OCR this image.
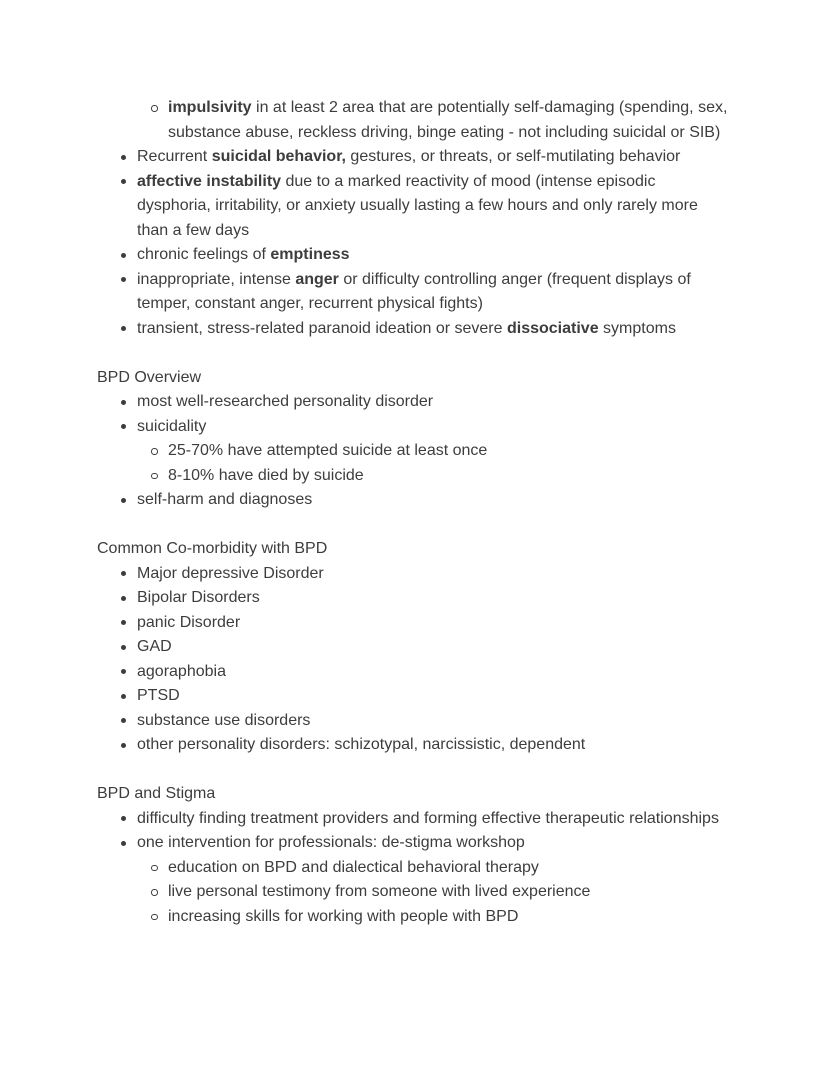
impulsivity in at least 2 area that are potentially self-damaging (spending, sex, substance abuse, reckless driving, binge eating - not including suicidal or SIB)
Recurrent suicidal behavior, gestures, or threats, or self-mutilating behavior
affective instability due to a marked reactivity of mood (intense episodic dysphoria, irritability, or anxiety usually lasting a few hours and only rarely more than a few days
chronic feelings of emptiness
inappropriate, intense anger or difficulty controlling anger (frequent displays of temper, constant anger, recurrent physical fights)
transient, stress-related paranoid ideation or severe dissociative symptoms
BPD Overview
most well-researched personality disorder
suicidality
25-70% have attempted suicide at least once
8-10% have died by suicide
self-harm and diagnoses
Common Co-morbidity with BPD
Major depressive Disorder
Bipolar Disorders
panic Disorder
GAD
agoraphobia
PTSD
substance use disorders
other personality disorders: schizotypal, narcissistic, dependent
BPD and Stigma
difficulty finding treatment providers and forming effective therapeutic relationships
one intervention for professionals: de-stigma workshop
education on BPD and dialectical behavioral therapy
live personal testimony from someone with lived experience
increasing skills for working with people with BPD
